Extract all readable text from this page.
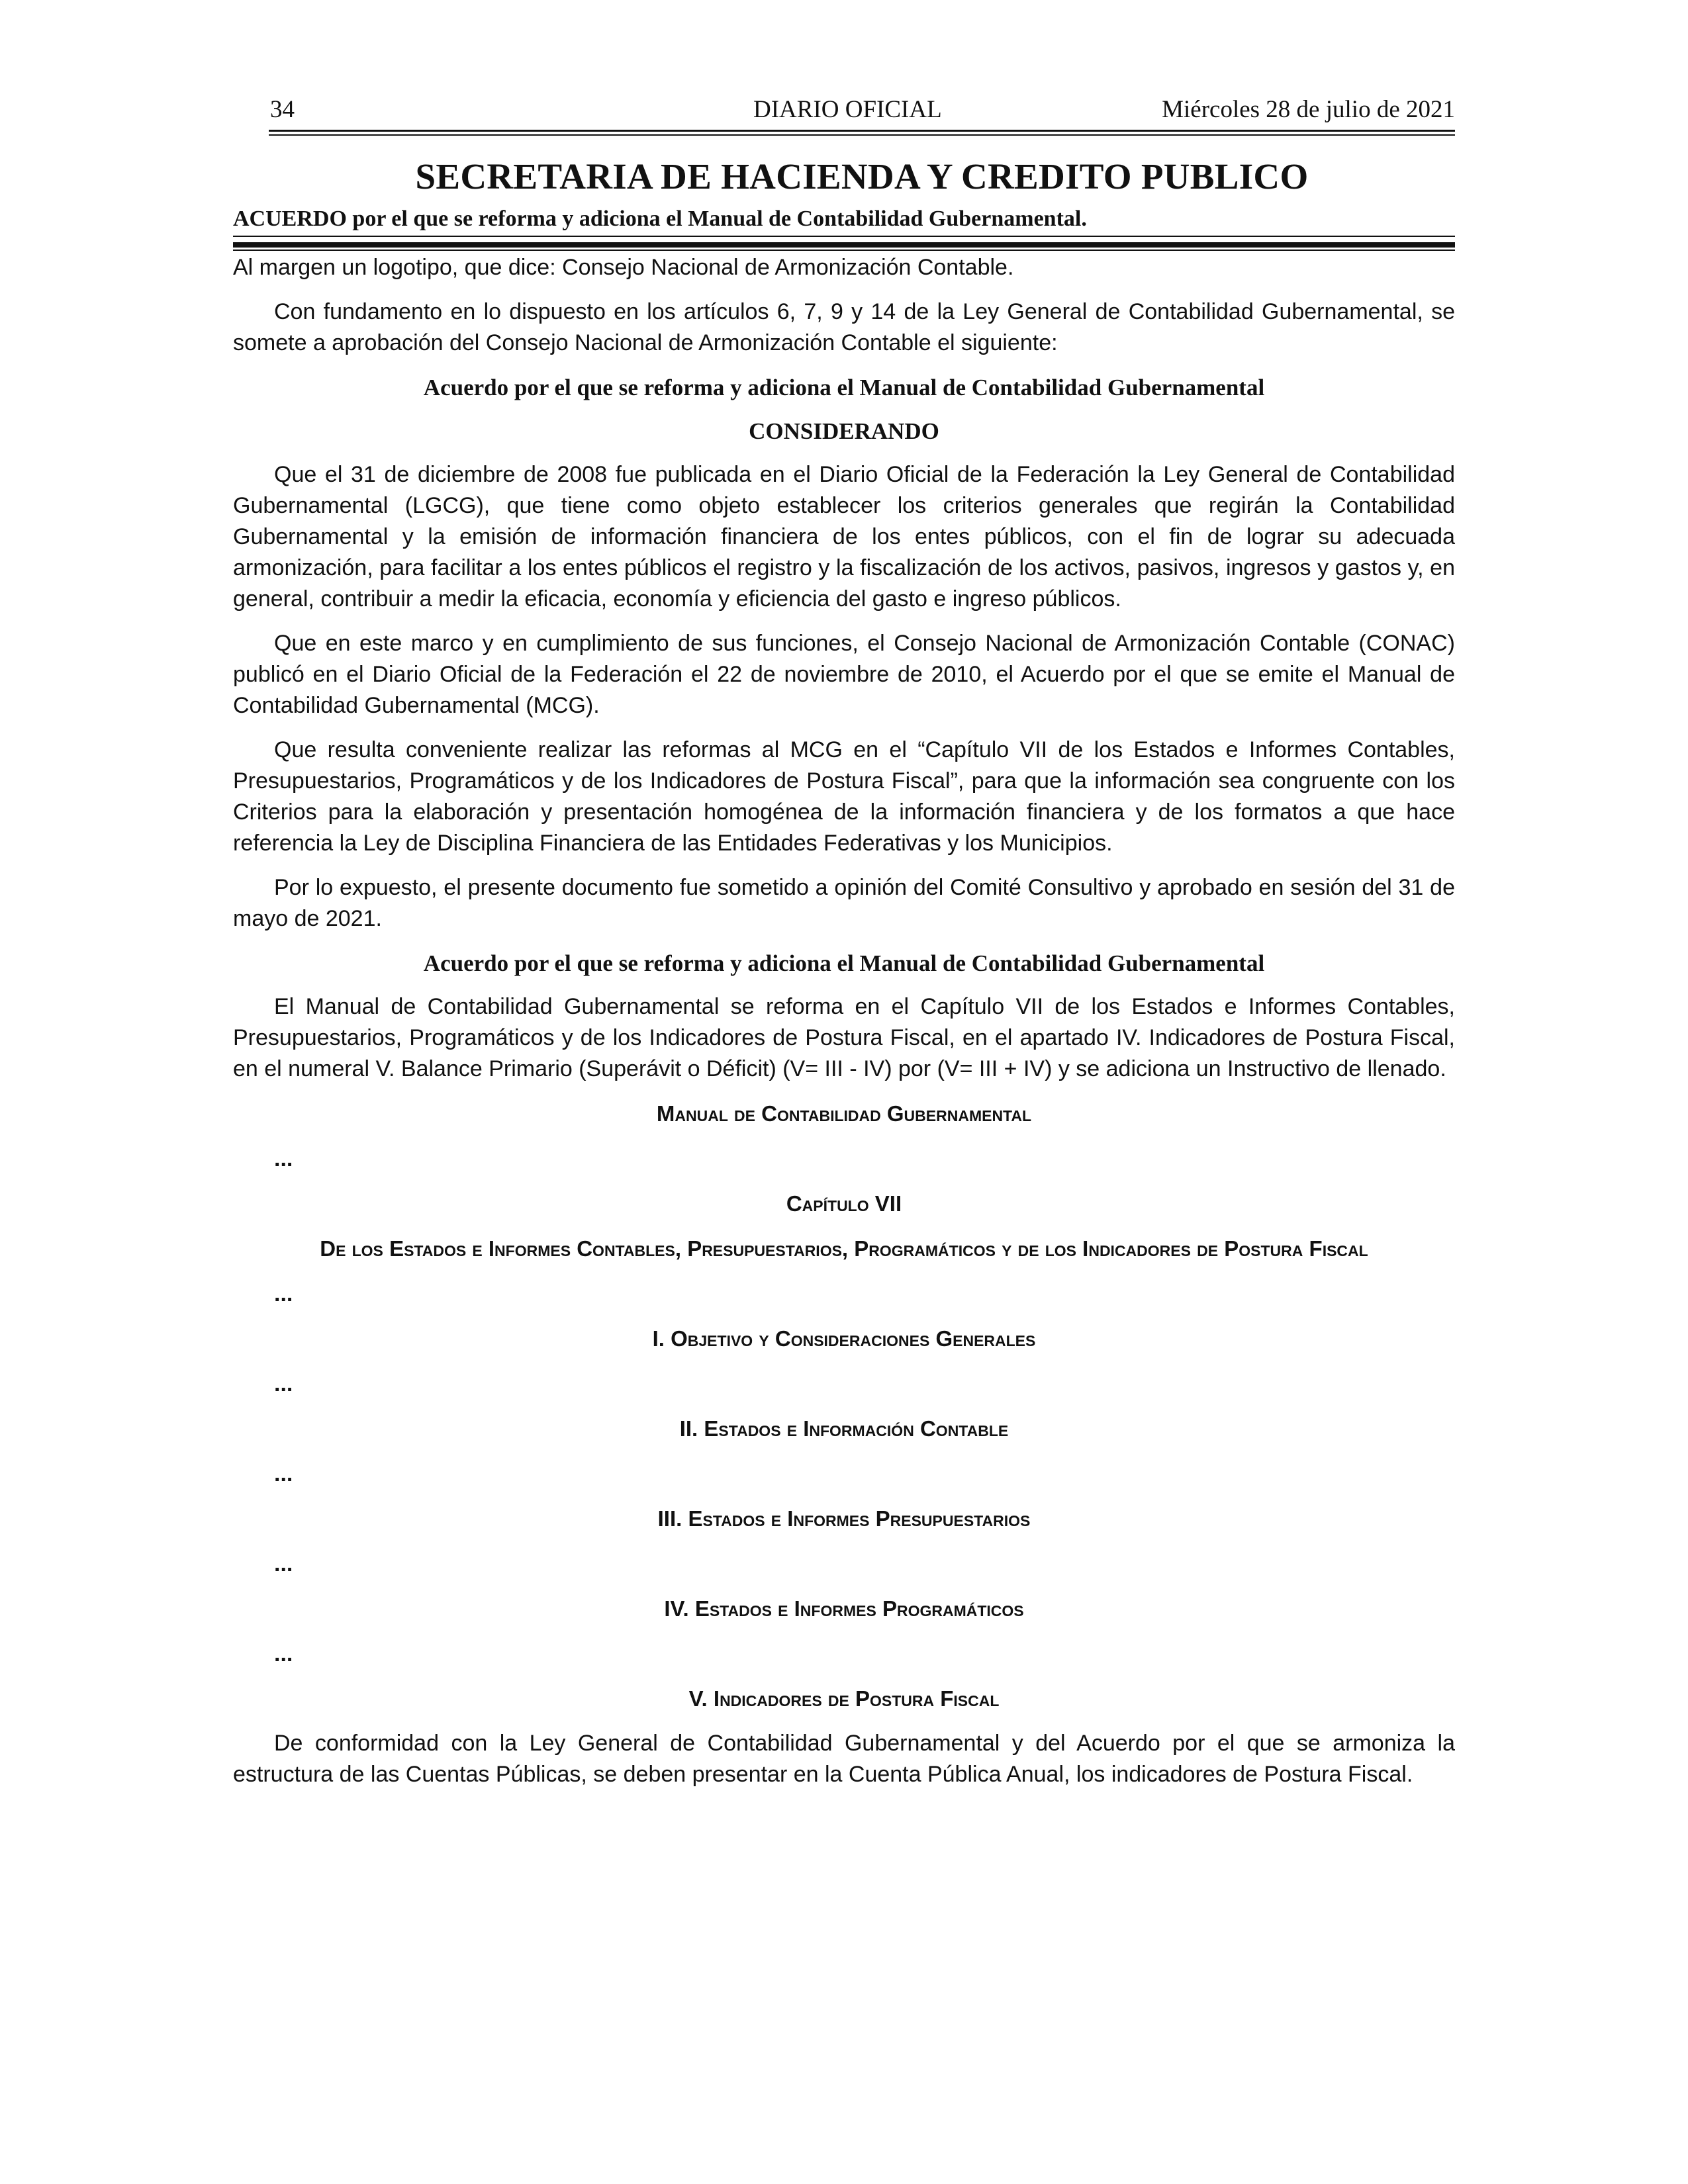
34	DIARIO OFICIAL	Miércoles 28 de julio de 2021
SECRETARIA DE HACIENDA Y CREDITO PUBLICO
ACUERDO por el que se reforma y adiciona el Manual de Contabilidad Gubernamental.

Al margen un logotipo, que dice: Consejo Nacional de Armonización Contable.

Con fundamento en lo dispuesto en los artículos 6, 7, 9 y 14 de la Ley General de Contabilidad Gubernamental, se somete a aprobación del Consejo Nacional de Armonización Contable el siguiente:

Acuerdo por el que se reforma y adiciona el Manual de Contabilidad Gubernamental
CONSIDERANDO

Que el 31 de diciembre de 2008 fue publicada en el Diario Oficial de la Federación la Ley General de Contabilidad Gubernamental (LGCG), que tiene como objeto establecer los criterios generales que regirán la Contabilidad Gubernamental y la emisión de información financiera de los entes públicos, con el fin de lograr su adecuada armonización, para facilitar a los entes públicos el registro y la fiscalización de los activos, pasivos, ingresos y gastos y, en general, contribuir a medir la eficacia, economía y eficiencia del gasto e ingreso públicos.

Que en este marco y en cumplimiento de sus funciones, el Consejo Nacional de Armonización Contable (CONAC) publicó en el Diario Oficial de la Federación el 22 de noviembre de 2010, el Acuerdo por el que se emite el Manual de Contabilidad Gubernamental (MCG).

Que resulta conveniente realizar las reformas al MCG en el “Capítulo VII de los Estados e Informes Contables, Presupuestarios, Programáticos y de los Indicadores de Postura Fiscal”, para que la información sea congruente con los Criterios para la elaboración y presentación homogénea de la información financiera y de los formatos a que hace referencia la Ley de Disciplina Financiera de las Entidades Federativas y los Municipios.

Por lo expuesto, el presente documento fue sometido a opinión del Comité Consultivo y aprobado en sesión del 31 de mayo de 2021.

Acuerdo por el que se reforma y adiciona el Manual de Contabilidad Gubernamental

El Manual de Contabilidad Gubernamental se reforma en el Capítulo VII de los Estados e Informes Contables, Presupuestarios, Programáticos y de los Indicadores de Postura Fiscal, en el apartado IV. Indicadores de Postura Fiscal, en el numeral V. Balance Primario (Superávit o Déficit) (V= III - IV) por (V= III + IV) y se adiciona un Instructivo de llenado.

Manual de Contabilidad Gubernamental
...
Capítulo VII
De los Estados e Informes Contables, Presupuestarios, Programáticos y de los Indicadores de Postura Fiscal
...
I. Objetivo y Consideraciones Generales
...
II. Estados e Información Contable
...
III. Estados e Informes Presupuestarios
...
IV. Estados e Informes Programáticos
...
V. Indicadores de Postura Fiscal

De conformidad con la Ley General de Contabilidad Gubernamental y del Acuerdo por el que se armoniza la estructura de las Cuentas Públicas, se deben presentar en la Cuenta Pública Anual, los indicadores de Postura Fiscal.
